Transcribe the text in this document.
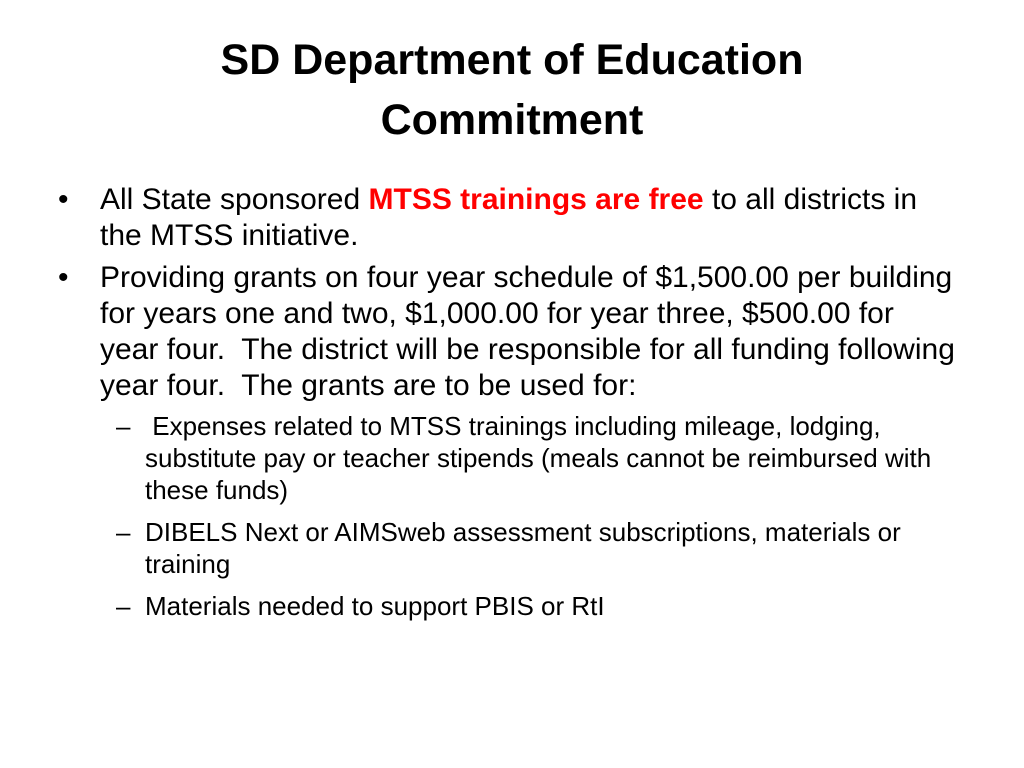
SD Department of Education
Commitment
• All State sponsored MTSS trainings are free to all districts in the MTSS initiative.
• Providing grants on four year schedule of $1,500.00 per building for years one and two, $1,000.00 for year three, $500.00 for year four.  The district will be responsible for all funding following year four.  The grants are to be used for:
– Expenses related to MTSS trainings including mileage, lodging, substitute pay or teacher stipends (meals cannot be reimbursed with these funds)
– DIBELS Next or AIMSweb assessment subscriptions, materials or training
– Materials needed to support PBIS or RtI
